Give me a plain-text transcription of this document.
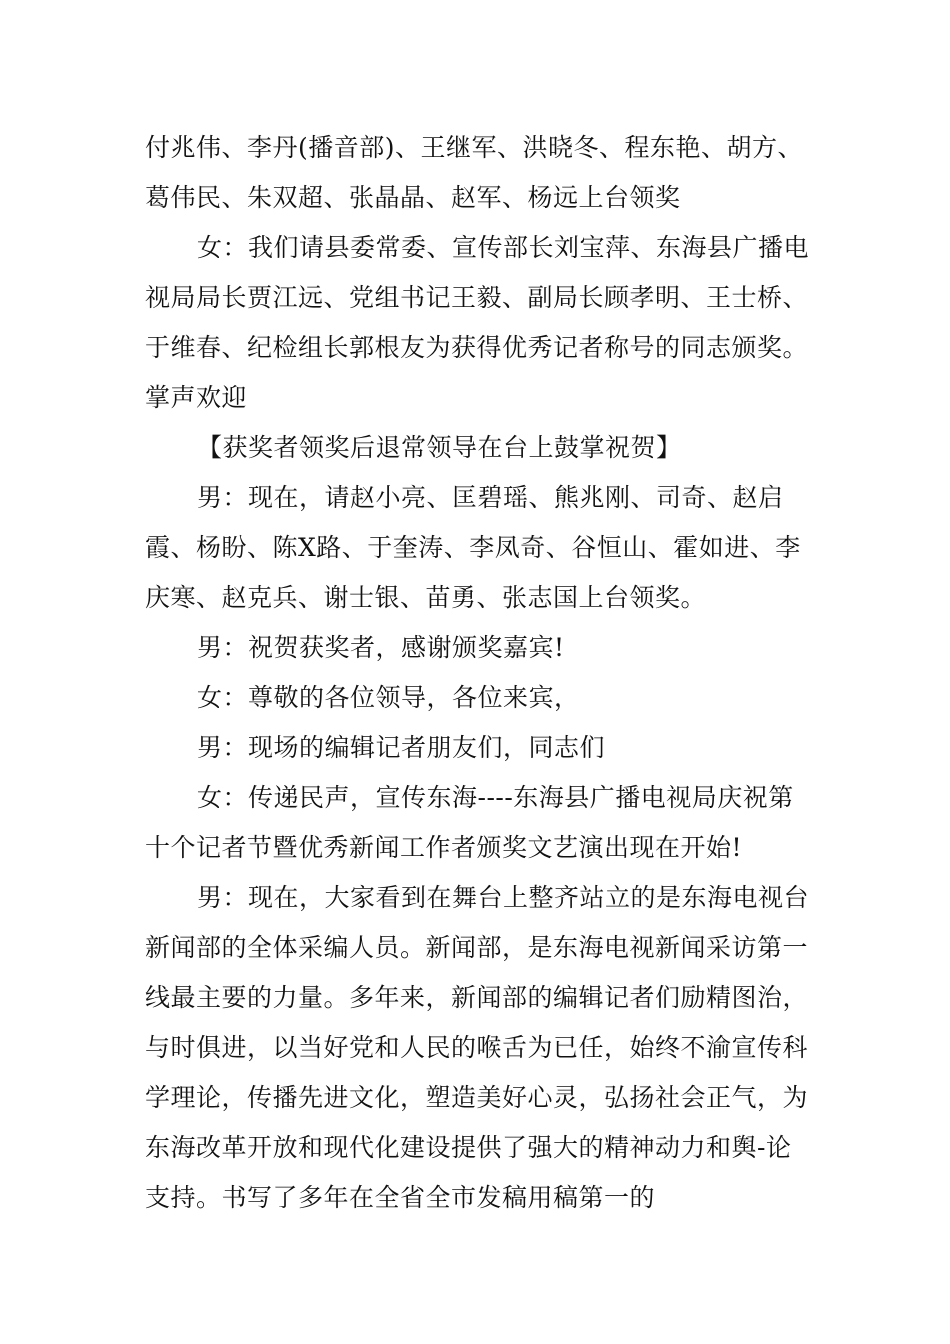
付兆伟、李丹(播音部)、王继军、洪晓冬、程东艳、胡方、葛伟民、朱双超、张晶晶、赵军、杨远上台领奖

女：我们请县委常委、宣传部长刘宝萍、东海县广播电视局局长贾江远、党组书记王毅、副局长顾孝明、王士桥、于维春、纪检组长郭根友为获得优秀记者称号的同志颁奖。掌声欢迎

【获奖者领奖后退常领导在台上鼓掌祝贺】

男：现在，请赵小亮、匡碧瑶、熊兆刚、司奇、赵启霞、杨盼、陈X路、于奎涛、李凤奇、谷恒山、霍如进、李庆寒、赵克兵、谢士银、苗勇、张志国上台领奖。

男：祝贺获奖者，感谢颁奖嘉宾!

女：尊敬的各位领导，各位来宾，

男：现场的编辑记者朋友们，同志们

女：传递民声，宣传东海----东海县广播电视局庆祝第十个记者节暨优秀新闻工作者颁奖文艺演出现在开始!

男：现在，大家看到在舞台上整齐站立的是东海电视台新闻部的全体采编人员。新闻部，是东海电视新闻采访第一线最主要的力量。多年来，新闻部的编辑记者们励精图治，与时俱进，以当好党和人民的喉舌为已任，始终不渝宣传科学理论，传播先进文化，塑造美好心灵，弘扬社会正气，为东海改革开放和现代化建设提供了强大的精神动力和舆-论支持。书写了多年在全省全市发稿用稿第一的
